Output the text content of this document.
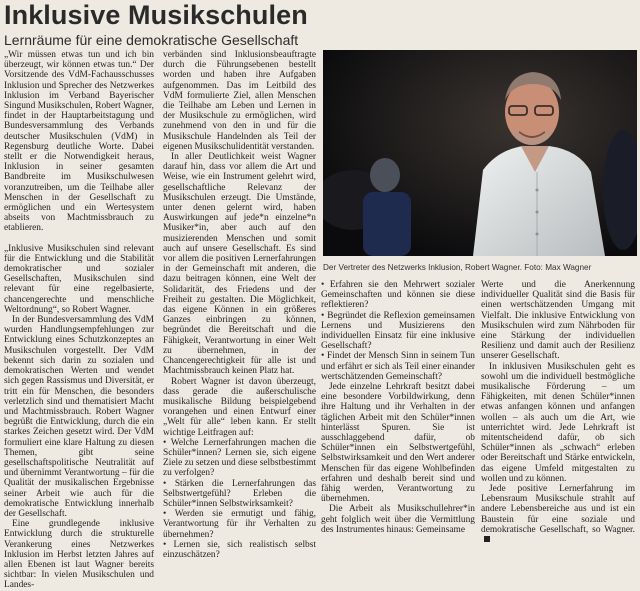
Inklusive Musikschulen
Lernräume für eine demokratische Gesellschaft

„Wir müssen etwas tun und ich bin überzeugt, wir können etwas tun.“ Der Vorsitzende des VdM-Fachausschusses Inklusion und Sprecher des Netzwerkes Inklusion im Verband Bayerischer Singund Musikschulen, Robert Wagner, findet in der Hauptarbeitstagung und Bundesversammlung des Verbands deutscher Musikschulen (VdM) in Regensburg deutliche Worte. Dabei stellt er die Notwendigkeit heraus, Inklusion in seiner gesamten Bandbreite im Musikschulwesen voranzutreiben, um die Teilhabe aller Menschen in der Gesellschaft zu ermöglichen und ein Wertesystem abseits von Machtmissbrauch zu etablieren.

„Inklusive Musikschulen sind relevant für die Entwicklung und die Stabilität demokratischer und sozialer Gesellschaften, Musikschulen sind relevant für eine regelbasierte, chancengerechte und menschliche Weltordnung“, so Robert Wagner.

In der Bundesversammlung des VdM wurden Handlungsempfehlungen zur Entwicklung eines Schutzkonzeptes an Musikschulen vorgestellt. Der VdM bekennt sich darin zu sozialen und demokratischen Werten und wendet sich gegen Rassismus und Diversität, er tritt ein für Menschen, die besonders verletzlich sind und thematisiert Macht und Machtmissbrauch. Robert Wagner begrüßt die Entwicklung, durch die ein starkes Zeichen gesetzt wird. Der VdM formuliert eine klare Haltung zu diesen Themen, gibt seine gesellschaftspolitische Neutralität auf und übernimmt Verantwortung – für die Qualität der musikalischen Ergebnisse seiner Arbeit wie auch für die demokratische Entwicklung innerhalb der Gesellschaft.

Eine grundlegende inklusive Entwicklung durch die strukturelle Verankerung eines Netzwerkes Inklusion im Herbst letzten Jahres auf allen Ebenen ist laut Wagner bereits sichtbar: In vielen Musikschulen und Landes-

verbänden sind Inklusionsbeauftragte durch die Führungsebenen bestellt worden und haben ihre Aufgaben aufgenommen. Das im Leitbild des VdM formulierte Ziel, allen Menschen die Teilhabe am Leben und Lernen in der Musikschule zu ermöglichen, wird zunehmend von den in und für die Musikschule Handelnden als Teil der eigenen Musikschulidentität verstanden.

In aller Deutlichkeit weist Wagner darauf hin, dass vor allem die Art und Weise, wie ein Instrument gelehrt wird, gesellschaftliche Relevanz der Musikschulen erzeugt. Die Umstände, unter denen gelernt wird, haben Auswirkungen auf jede*n einzelne*n Musiker*in, aber auch auf den musizierenden Menschen und somit auch auf unsere Gesellschaft. Es sind vor allem die positiven Lernerfahrungen in der Gemeinschaft mit anderen, die dazu beitragen können, eine Welt der Solidarität, des Friedens und der Freiheit zu gestalten. Die Möglichkeit, das eigene Können in ein größeres Ganzes einbringen zu können, begründet die Bereitschaft und die Fähigkeit, Verantwortung in einer Welt zu übernehmen, in der Chancengerechtigkeit für alle ist und Machtmissbrauch keinen Platz hat.

Robert Wagner ist davon überzeugt, dass gerade die außerschulische musikalische Bildung beispielgebend vorangehen und einen Entwurf einer „Welt für alle“ leben kann. Er stellt wichtige Leitfragen auf:

• Welche Lernerfahrungen machen die Schüler*innen? Lernen sie, sich eigene Ziele zu setzen und diese selbstbestimmt zu verfolgen?

• Stärken die Lernerfahrungen das Selbstwertgefühl? Erleben die Schüler*innen Selbstwirksamkeit?

• Werden sie ermutigt und fähig, Verantwortung für ihr Verhalten zu übernehmen?

• Lernen sie, sich realistisch selbst einzuschätzen?

Der Vertreter des Netzwerks Inklusion, Robert Wagner. Foto: Max Wagner

• Erfahren sie den Mehrwert sozialer Gemeinschaften und können sie diese reflektieren?

• Begründet die Reflexion gemeinsamen Lernens und Musizierens den individuellen Einsatz für eine inklusive Gesellschaft?

• Findet der Mensch Sinn in seinem Tun und erfährt er sich als Teil einer einander wertschätzenden Gemeinschaft?

Jede einzelne Lehrkraft besitzt dabei eine besondere Vorbildwirkung, denn ihre Haltung und ihr Verhalten in der täglichen Arbeit mit den Schüler*innen hinterlässt Spuren. Sie ist ausschlaggebend dafür, ob Schüler*innen ein Selbstwertgefühl, Selbstwirksamkeit und den Wert anderer Menschen für das eigene Wohlbefinden erfahren und deshalb bereit sind und fähig werden, Verantwortung zu übernehmen.

Die Arbeit als Musikschullehrer*in geht folglich weit über die Vermittlung des Instrumentes hinaus: Gemeinsame

Werte und die Anerkennung individueller Qualität sind die Basis für einen wertschätzenden Umgang mit Vielfalt. Die inklusive Entwicklung von Musikschulen wird zum Nährboden für eine Stärkung der individuellen Resilienz und damit auch der Resilienz unserer Gesellschaft.

In inklusiven Musikschulen geht es sowohl um die individuell bestmögliche musikalische Förderung – um Fähigkeiten, mit denen Schüler*innen etwas anfangen können und anfangen wollen – als auch um die Art, wie unterrichtet wird. Jede Lehrkraft ist mitentscheidend dafür, ob sich Schüler*innen als „schwach“ erleben oder Bereitschaft und Stärke entwickeln, das eigene Umfeld mitgestalten zu wollen und zu können.

Jede positive Lernerfahrung im Lebensraum Musikschule strahlt auf andere Lebensbereiche aus und ist ein Baustein für eine soziale und demokratische Gesellschaft, so Wagner.
